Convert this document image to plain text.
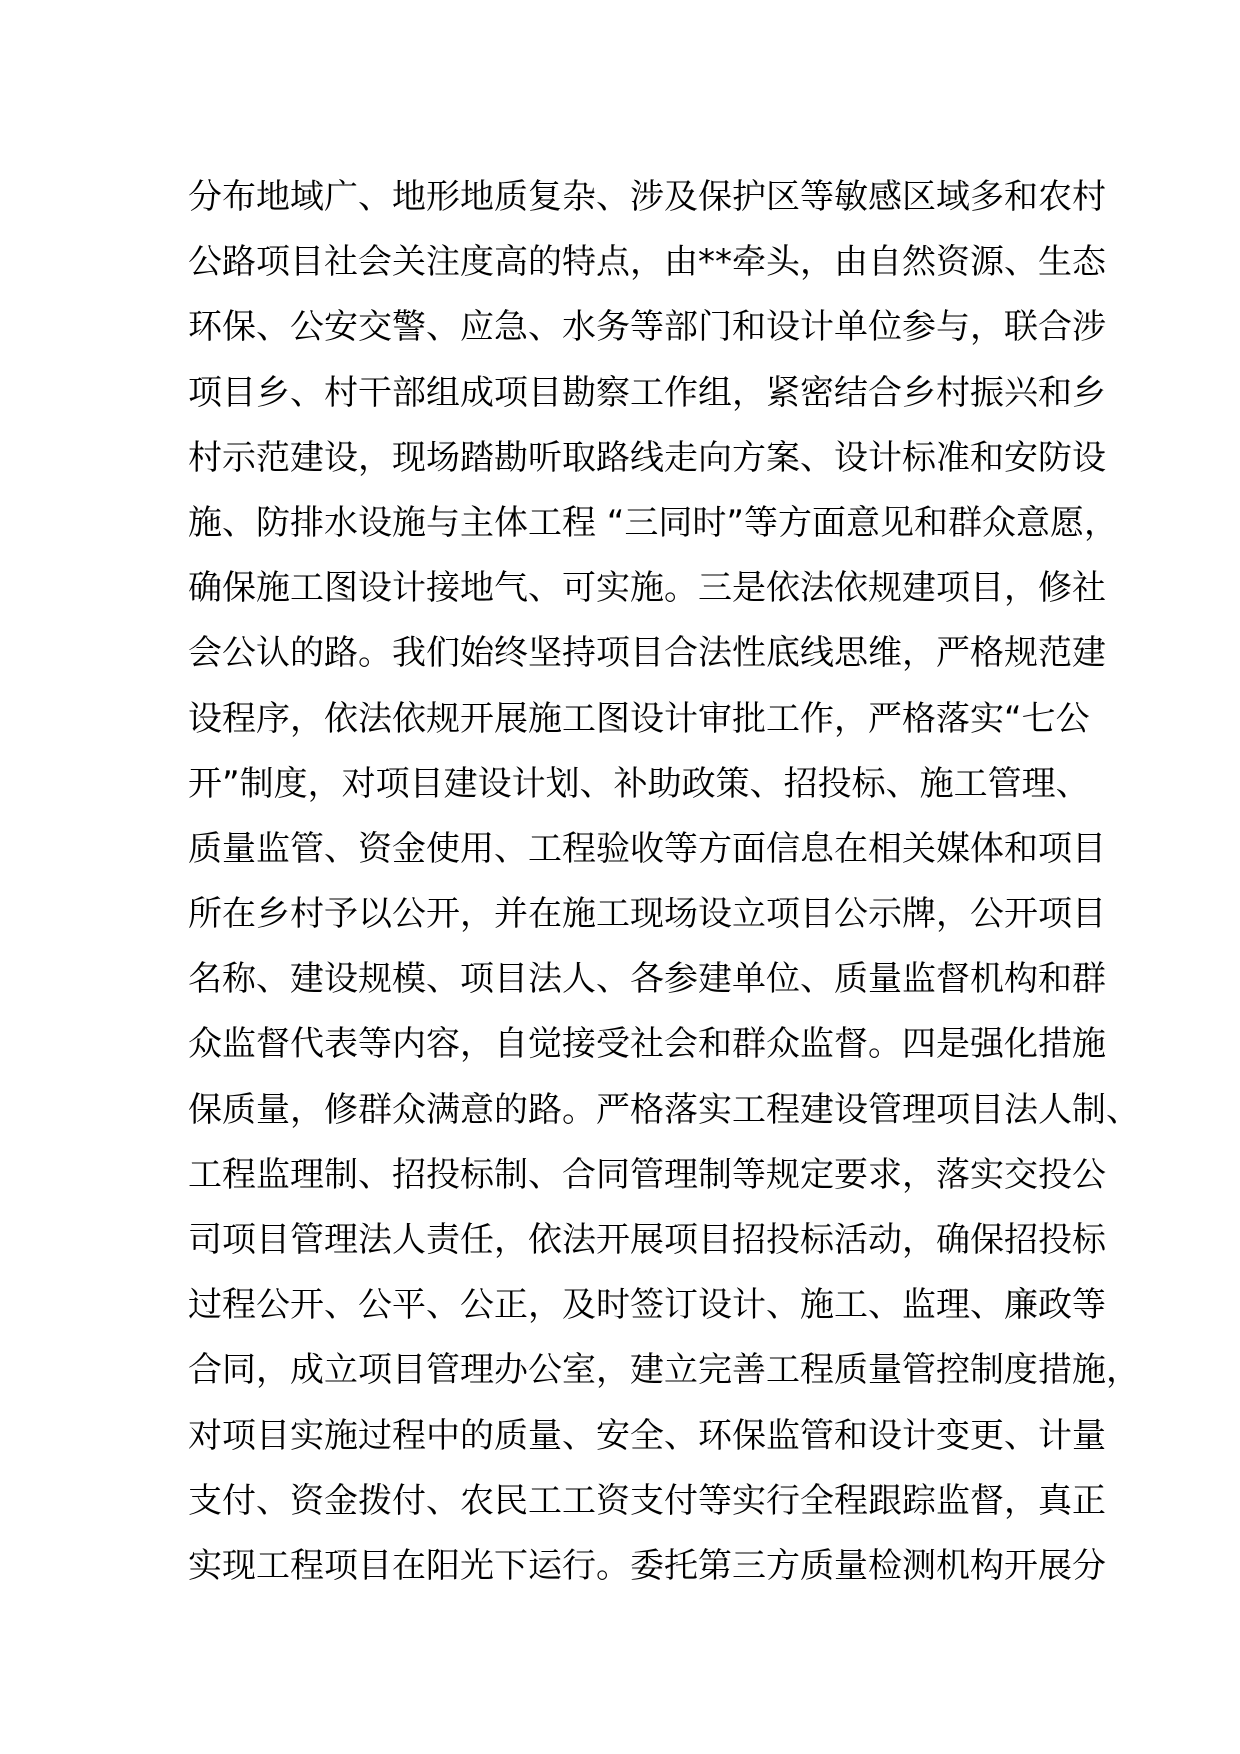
分布地域广、地形地质复杂、涉及保护区等敏感区域多和农村
公路项目社会关注度高的特点，由**牵头，由自然资源、生态
环保、公安交警、应急、水务等部门和设计单位参与，联合涉
项目乡、村干部组成项目勘察工作组，紧密结合乡村振兴和乡
村示范建设，现场踏勘听取路线走向方案、设计标准和安防设
施、防排水设施与主体工程 “三同时”等方面意见和群众意愿，
确保施工图设计接地气、可实施。三是依法依规建项目，修社
会公认的路。我们始终坚持项目合法性底线思维，严格规范建
设程序，依法依规开展施工图设计审批工作，严格落实“七公
开”制度，对项目建设计划、补助政策、招投标、施工管理、
质量监管、资金使用、工程验收等方面信息在相关媒体和项目
所在乡村予以公开，并在施工现场设立项目公示牌，公开项目
名称、建设规模、项目法人、各参建单位、质量监督机构和群
众监督代表等内容，自觉接受社会和群众监督。四是强化措施
保质量，修群众满意的路。严格落实工程建设管理项目法人制、
工程监理制、招投标制、合同管理制等规定要求，落实交投公
司项目管理法人责任，依法开展项目招投标活动，确保招投标
过程公开、公平、公正，及时签订设计、施工、监理、廉政等
合同，成立项目管理办公室，建立完善工程质量管控制度措施，
对项目实施过程中的质量、安全、环保监管和设计变更、计量
支付、资金拨付、农民工工资支付等实行全程跟踪监督，真正
实现工程项目在阳光下运行。委托第三方质量检测机构开展分
